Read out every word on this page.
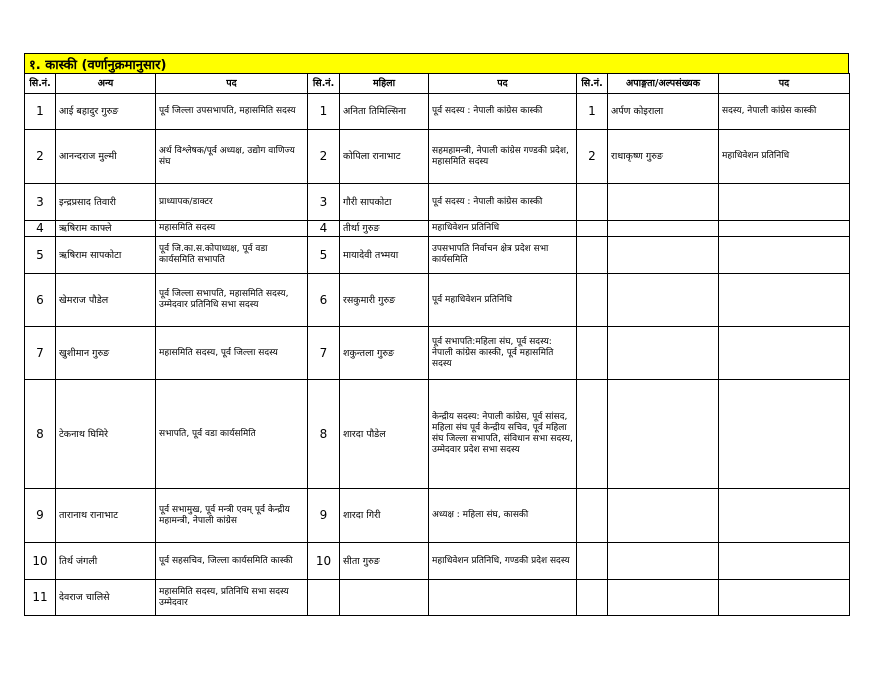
१. कास्की (वर्णानुक्रमानुसार)
सि.नं.	अन्य	पद	सि.नं.	महिला	पद	सि.नं.	अपाङ्गता/अल्पसंख्यक	पद
1	आई बहादुर गुरुङ	पूर्व जिल्ला उपसभापति, महासमिति सदस्य	1	अनिता तिमिल्सिना	पूर्व सदस्य : नेपाली कांग्रेस कास्की	1	अर्पण कोइराला	सदस्य, नेपाली कांग्रेस कास्की
2	आनन्दराज मुल्मी	अर्थ विश्लेषक/पूर्व अध्यक्ष, उद्योग वाणिज्य संघ	2	कोपिला रानाभाट	सहमहामन्त्री, नेपाली कांग्रेस गण्डकी प्रदेश, महासमिति सदस्य	2	राधाकृष्ण गुरुङ	महाधिवेशन प्रतिनिधि
3	इन्द्रप्रसाद तिवारी	प्राध्यापक/डाक्टर	3	गौरी सापकोटा	पूर्व सदस्य : नेपाली कांग्रेस कास्की			
4	ऋषिराम काफ्ले	महासमिति सदस्य	4	तीर्था गुरुङ	महाधिवेशन प्रतिनिधि			
5	ऋषिराम सापकोटा	पूर्व जि.का.स.कोपाध्यक्ष, पूर्व वडा कार्यसमिति सभापति	5	मायादेवी तभ्‍मया	उपसभापति निर्वाचन क्षेत्र प्रदेश सभा कार्यसमिति			
6	खेमराज पौडेल	पूर्व जिल्ला सभापति, महासमिति सदस्य, उम्मेदवार प्रतिनिधि सभा सदस्य	6	रसकुमारी गुरुङ	पूर्व महाधिवेशन प्रतिनिधि			
7	खुशीमान गुरुङ	महासमिति सदस्य, पूर्व जिल्ला सदस्य	7	शकुन्तला गुरुङ	पूर्व सभापति:महिला संघ, पूर्व सदस्य: नेपाली कांग्रेस कास्की, पूर्व महासमिति सदस्य			
8	टेकनाथ घिमिरे	सभापति, पूर्व वडा कार्यसमिति	8	शारदा पौडेल	केन्द्रीय सदस्य: नेपाली कांग्रेस, पूर्व सांसद, महिला संघ पूर्व केन्द्रीय सचिव, पूर्व महिला संघ जिल्ला सभापति, संविधान सभा सदस्य, उम्मेदवार प्रदेश सभा सदस्य			
9	तारानाथ रानाभाट	पूर्व सभामुख, पूर्व मन्त्री एवम् पूर्व केन्द्रीय महामन्त्री, नेपाली कांग्रेस	9	शारदा गिरी	अध्यक्ष : महिला संघ, कासकी			
10	तिर्थ जंगली	पूर्व सहसचिव, जिल्ला कार्यसमिति कास्की	10	सीता गुरुङ	महाधिवेशन प्रतिनिधि, गण्डकी प्रदेश सदस्य			
11	देवराज चालिसे	महासमिति सदस्य, प्रतिनिधि सभा सदस्य उम्मेदवार						
